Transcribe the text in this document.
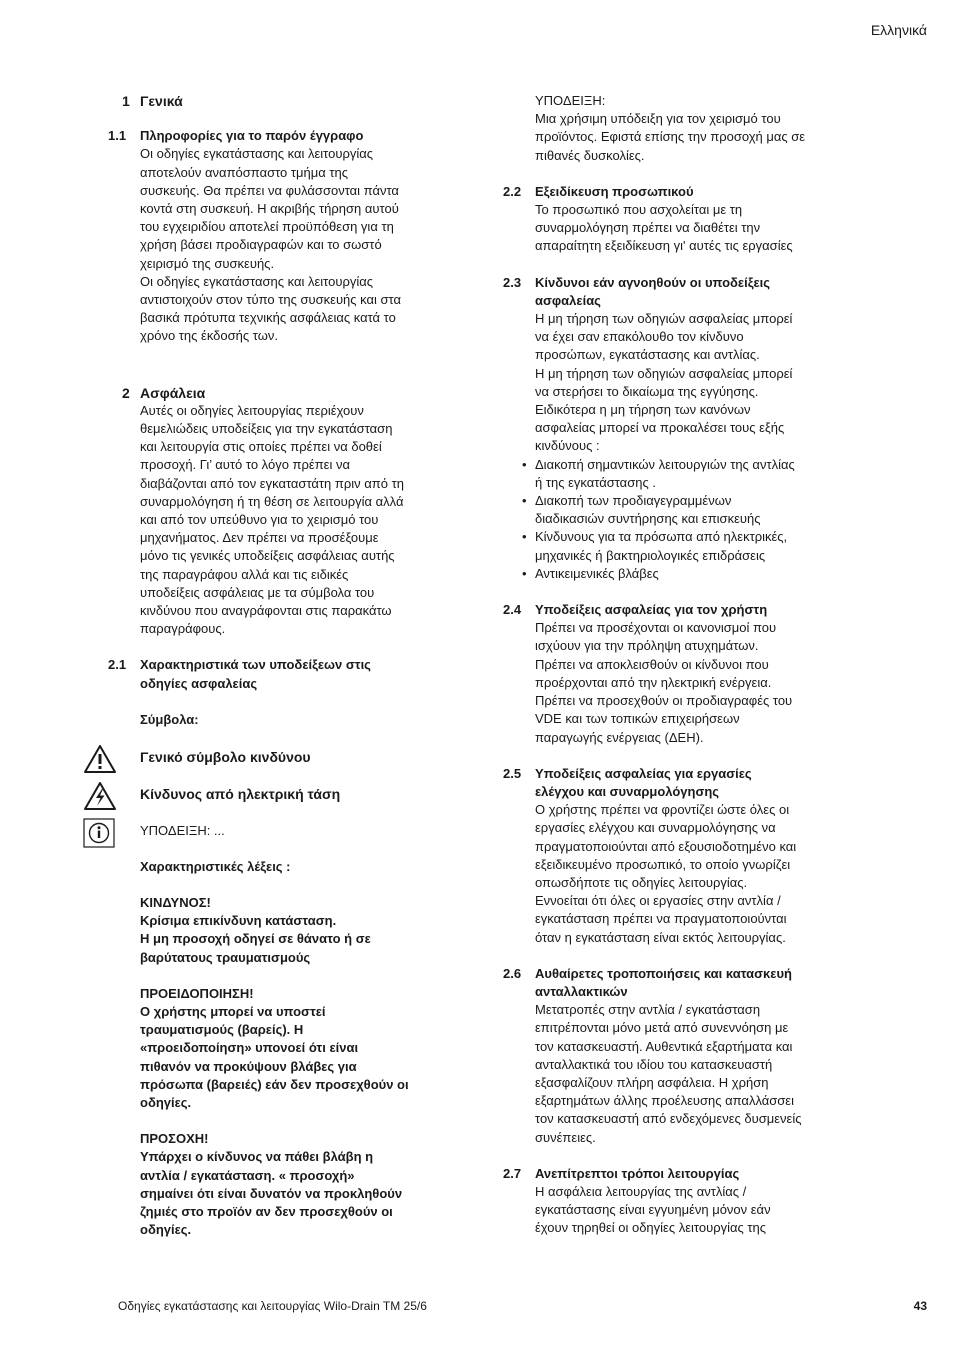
Ελληνικά
1 Γενικά
1.1 Πληροφορίες για το παρόν έγγραφο
Οι οδηγίες εγκατάστασης και λειτουργίας
αποτελούν αναπόσπαστο τμήμα της
συσκευής. Θα πρέπει να φυλάσσονται πάντα
κοντά στη συσκευή. Η ακριβής τήρηση αυτού
του εγχειριδίου αποτελεί προϋπόθεση για τη
χρήση βάσει προδιαγραφών και το σωστό
χειρισμό της συσκευής.
Οι οδηγίες εγκατάστασης και λειτουργίας
αντιστοιχούν στον τύπο της συσκευής και στα
βασικά πρότυπα τεχνικής ασφάλειας κατά το
χρόνο της έκδοσής των.
2 Ασφάλεια
Αυτές οι οδηγίες λειτουργίας περιέχουν
θεμελιώδεις υποδείξεις για την εγκατάσταση
και λειτουργία στις οποίες πρέπει να δοθεί
προσοχή. Γι’ αυτό το λόγο πρέπει να
διαβάζονται από τον εγκαταστάτη πριν από τη
συναρμολόγηση ή τη θέση σε λειτουργία αλλά
και από τον υπεύθυνο για το χειρισμό του
μηχανήματος. Δεν πρέπει να προσέξουμε
μόνο τις γενικές υποδείξεις ασφάλειας αυτής
της παραγράφου αλλά και τις ειδικές
υποδείξεις ασφάλειας με τα σύμβολα του
κινδύνου που αναγράφονται στις παρακάτω
παραγράφους.
2.1 Χαρακτηριστικά των υποδείξεων στις
οδηγίες ασφαλείας
Σύμβολα:
Γενικό σύμβολο κινδύνου
Κίνδυνος από ηλεκτρική τάση
ΥΠΟΔΕΙΞΗ: ...
Χαρακτηριστικές λέξεις :
ΚΙΝΔΥΝΟΣ!
Κρίσιμα επικίνδυνη κατάσταση.
Η μη προσοχή οδηγεί σε θάνατο ή σε
βαρύτατους τραυματισμούς
ΠΡΟΕΙΔΟΠΟΙΗΣΗ!
Ο χρήστης μπορεί να υποστεί
τραυματισμούς (βαρείς). Η
«προειδοποίηση» υπονοεί ότι είναι
πιθανόν να προκύψουν βλάβες για
πρόσωπα (βαρειές) εάν δεν προσεχθούν οι
οδηγίες.
ΠΡΟΣΟΧΗ!
Υπάρχει ο κίνδυνος να πάθει βλάβη η
αντλία / εγκατάσταση. « προσοχή»
σημαίνει ότι είναι δυνατόν να προκληθούν
ζημιές στο προϊόν αν δεν προσεχθούν οι
οδηγίες.
ΥΠΟΔΕΙΞΗ:
Μια χρήσιμη υπόδειξη για τον χειρισμό του
προϊόντος. Εφιστά επίσης την προσοχή μας σε
πιθανές δυσκολίες.
2.2 Εξειδίκευση προσωπικού
Το προσωπικό που ασχολείται με τη
συναρμολόγηση πρέπει να διαθέτει την
απαραίτητη εξειδίκευση γι' αυτές τις εργασίες
2.3 Κίνδυνοι εάν αγνοηθούν οι υποδείξεις
ασφαλείας
Η μη τήρηση των οδηγιών ασφαλείας μπορεί
να έχει σαν επακόλουθο τον κίνδυνο
προσώπων, εγκατάστασης και αντλίας.
Η μη τήρηση των οδηγιών ασφαλείας μπορεί
να στερήσει το δικαίωμα της εγγύησης.
Ειδικότερα η μη τήρηση των κανόνων
ασφαλείας μπορεί να προκαλέσει τους εξής
κινδύνους :
• Διακοπή σημαντικών λειτουργιών της αντλίας
ή της εγκατάστασης .
• Διακοπή των προδιαγεγραμμένων
διαδικασιών συντήρησης και επισκευής
• Κίνδυνους για τα πρόσωπα από ηλεκτρικές,
μηχανικές ή βακτηριολογικές επιδράσεις
• Αντικειμενικές βλάβες
2.4 Υποδείξεις ασφαλείας για τον χρήστη
Πρέπει να προσέχονται οι κανονισμοί που
ισχύουν για την πρόληψη ατυχημάτων.
Πρέπει να αποκλεισθούν οι κίνδυνοι που
προέρχονται από την ηλεκτρική ενέργεια.
Πρέπει να προσεχθούν οι προδιαγραφές του
VDE και των τοπικών επιχειρήσεων
παραγωγής ενέργειας (ΔΕΗ).
2.5 Υποδείξεις ασφαλείας για εργασίες
ελέγχου και συναρμολόγησης
Ο χρήστης πρέπει να φροντίζει ώστε όλες οι
εργασίες ελέγχου και συναρμολόγησης να
πραγματοποιούνται από εξουσιοδοτημένο και
εξειδικευμένο προσωπικό, το οποίο γνωρίζει
οπωσδήποτε τις οδηγίες λειτουργίας.
Εννοείται ότι όλες οι εργασίες στην αντλία /
εγκατάσταση πρέπει να πραγματοποιούνται
όταν η εγκατάσταση είναι εκτός λειτουργίας.
2.6 Αυθαίρετες τροποποιήσεις και κατασκευή
ανταλλακτικών
Μετατροπές στην αντλία / εγκατάσταση
επιτρέπονται μόνο μετά από συνεννόηση με
τον κατασκευαστή. Αυθεντικά εξαρτήματα και
ανταλλακτικά του ιδίου του κατασκευαστή
εξασφαλίζουν πλήρη ασφάλεια. Η χρήση
εξαρτημάτων άλλης προέλευσης απαλλάσσει
τον κατασκευαστή από ενδεχόμενες δυσμενείς
συνέπειες.
2.7 Ανεπίτρεπτοι τρόποι λειτουργίας
Η ασφάλεια λειτουργίας της αντλίας /
εγκατάστασης είναι εγγυημένη μόνον εάν
έχουν τηρηθεί οι οδηγίες λειτουργίας της
Οδηγίες εγκατάστασης και λειτουργίας Wilo-Drain TM 25/6	43
